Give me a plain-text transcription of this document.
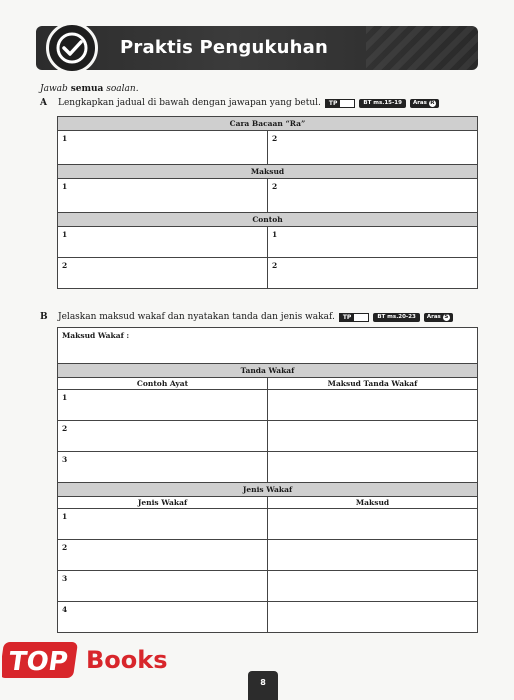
Praktis Pengukuhan
Jawab semua soalan.
A	Lengkapkan jadual di bawah dengan jawapan yang betul.	TP	BT ms.15-19	Aras R
Cara Bacaan “Ra”	
1	2
Maksud	
1	2
Contoh	
1	1
2	2
B	Jelaskan maksud wakaf dan nyatakan tanda dan jenis wakaf.	TP	BT ms.20-23	Aras S
Maksud Wakaf :	
Tanda Wakaf	
Contoh Ayat	Maksud Tanda Wakaf
1	
2	
3	
Jenis Wakaf	
Jenis Wakaf	Maksud
1	
2	
3	
4	
TOP Books
8
